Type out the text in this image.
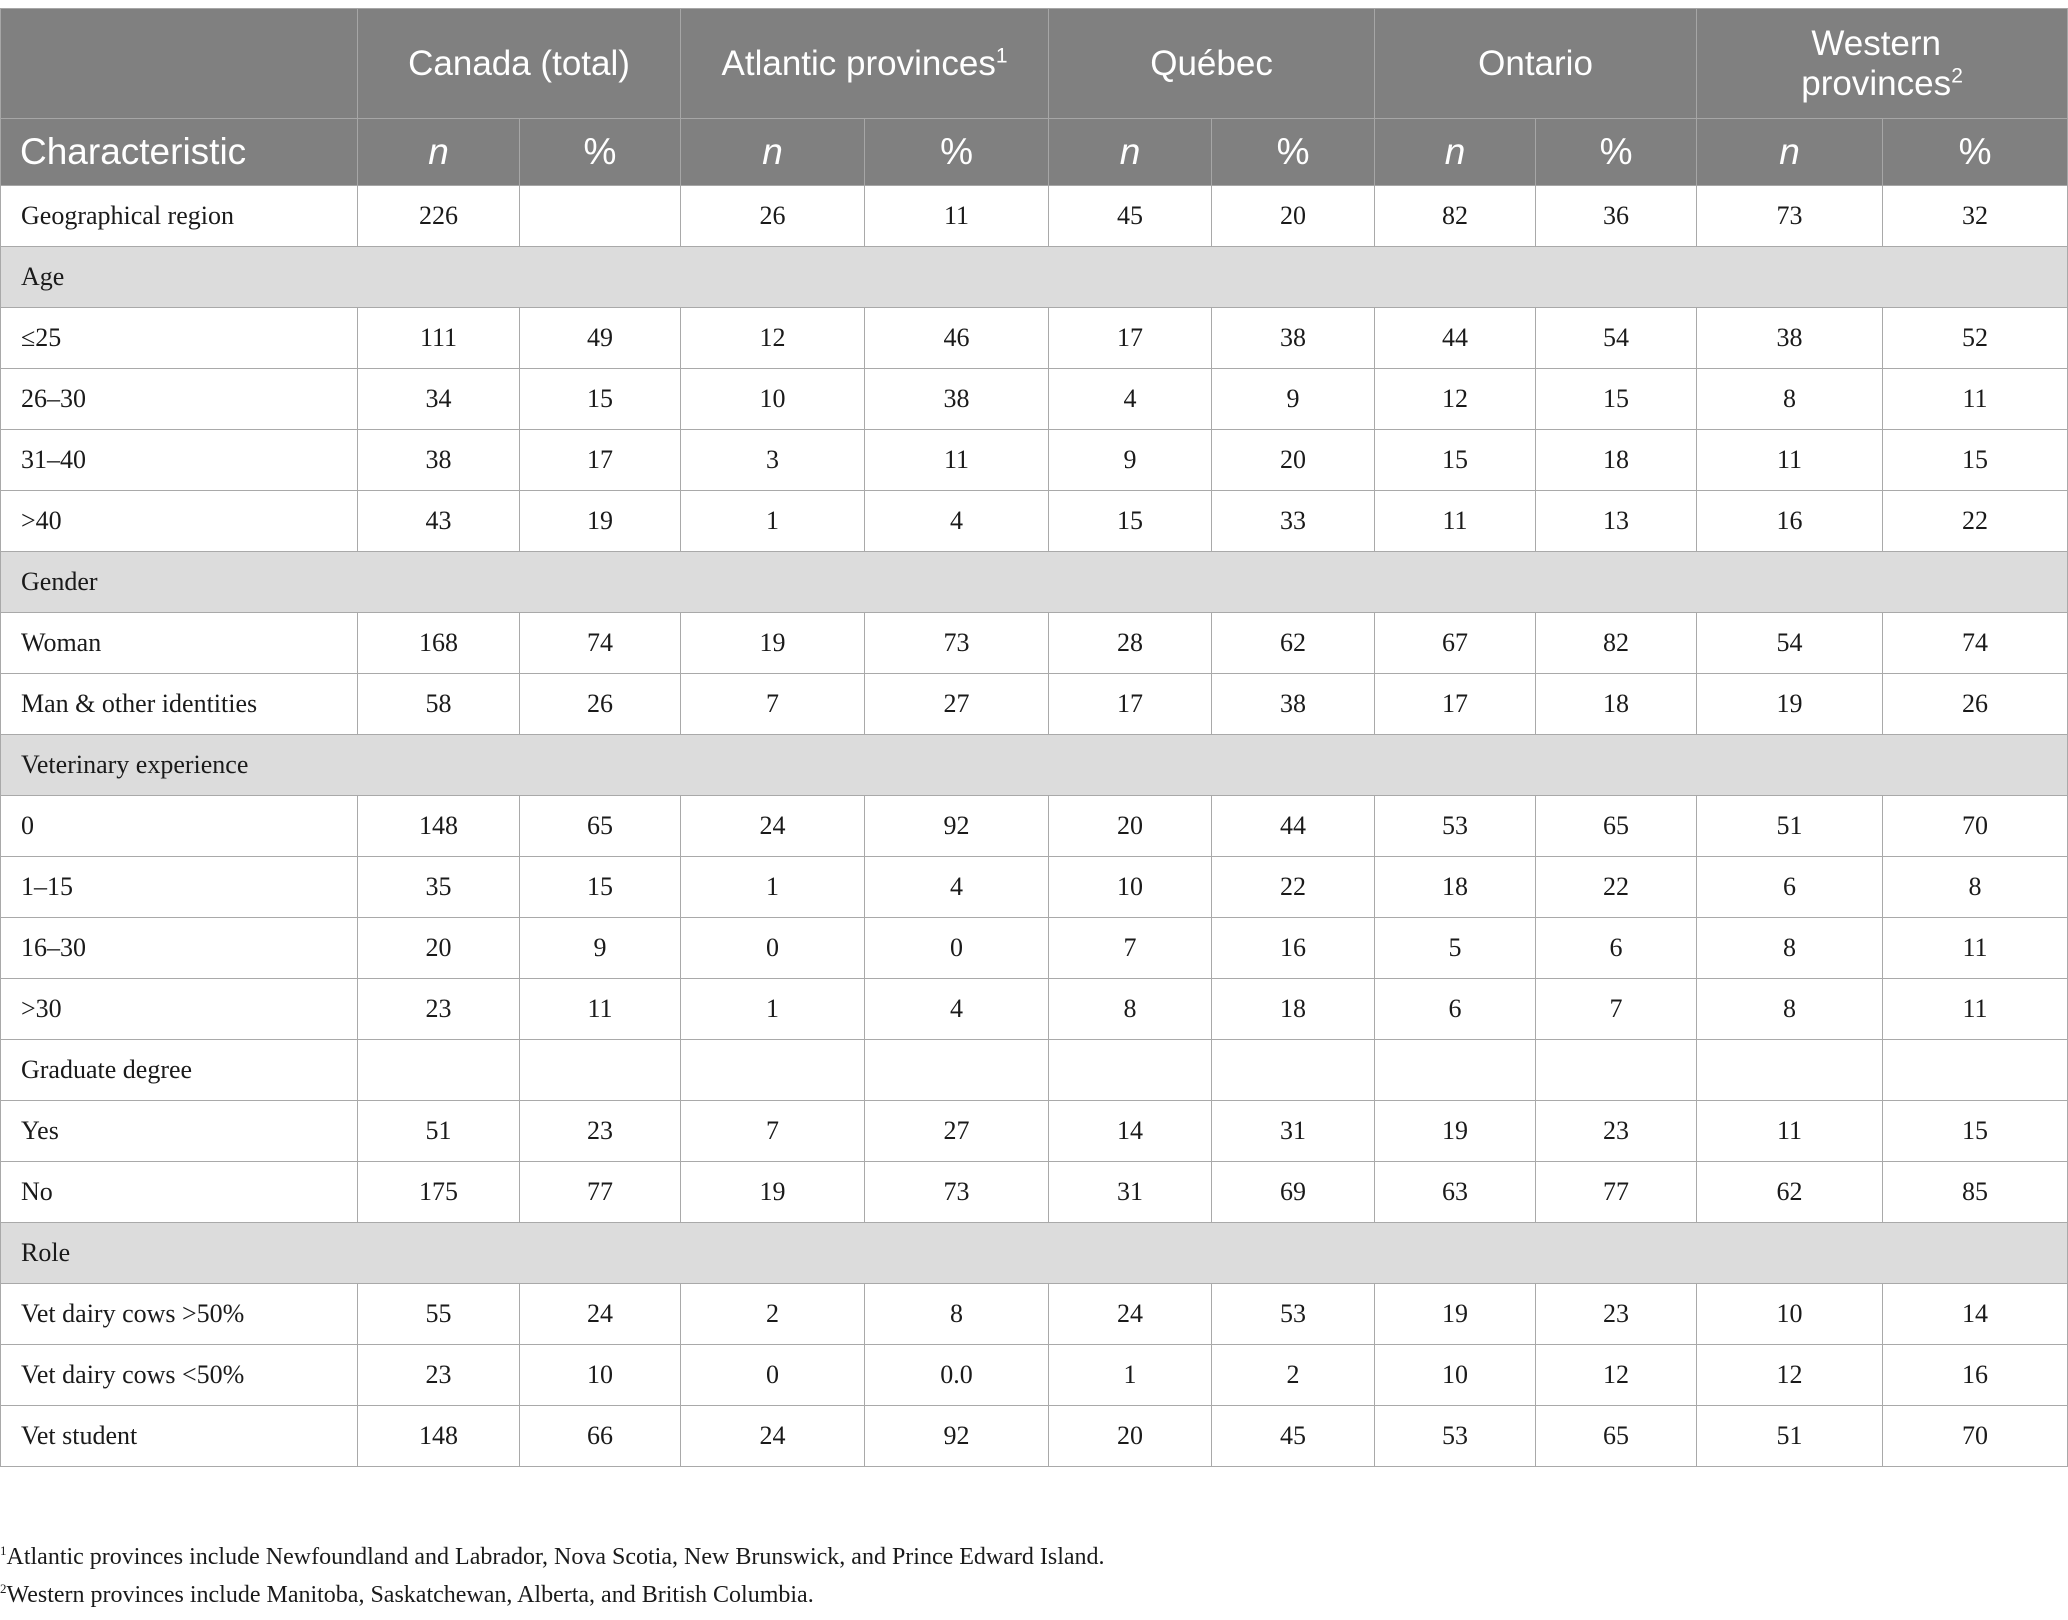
	Canada (total)		Atlantic provinces$^1$		Québec		Ontario		Western provinces$^2$
Characteristic	n	%	n	%	n	%	n	%	n	%
Geographical region	226		26	11	45	20	82	36	73	32
Age										
≤25	111	49	12	46	17	38	44	54	38	52
26–30	34	15	10	38	4	9	12	15	8	11
31–40	38	17	3	11	9	20	15	18	11	15
>40	43	19	1	4	15	33	11	13	16	22
Gender										
Woman	168	74	19	73	28	62	67	82	54	74
Man & other identities	58	26	7	27	17	38	17	18	19	26
Veterinary experience										
0	148	65	24	92	20	44	53	65	51	70
1–15	35	15	1	4	10	22	18	22	6	8
16–30	20	9	0	0	7	16	5	6	8	11
>30	23	11	1	4	8	18	6	7	8	11
Graduate degree										
Yes	51	23	7	27	14	31	19	23	11	15
No	175	77	19	73	31	69	63	77	62	85
Role										
Vet dairy cows >50%	55	24	2	8	24	53	19	23	10	14
Vet dairy cows <50%	23	10	0	0.0	1	2	10	12	12	16
Vet student	148	66	24	92	20	45	53	65	51	70
$^1$Atlantic provinces include Newfoundland and Labrador, Nova Scotia, New Brunswick, and Prince Edward Island.
$^2$Western provinces include Manitoba, Saskatchewan, Alberta, and British Columbia.
